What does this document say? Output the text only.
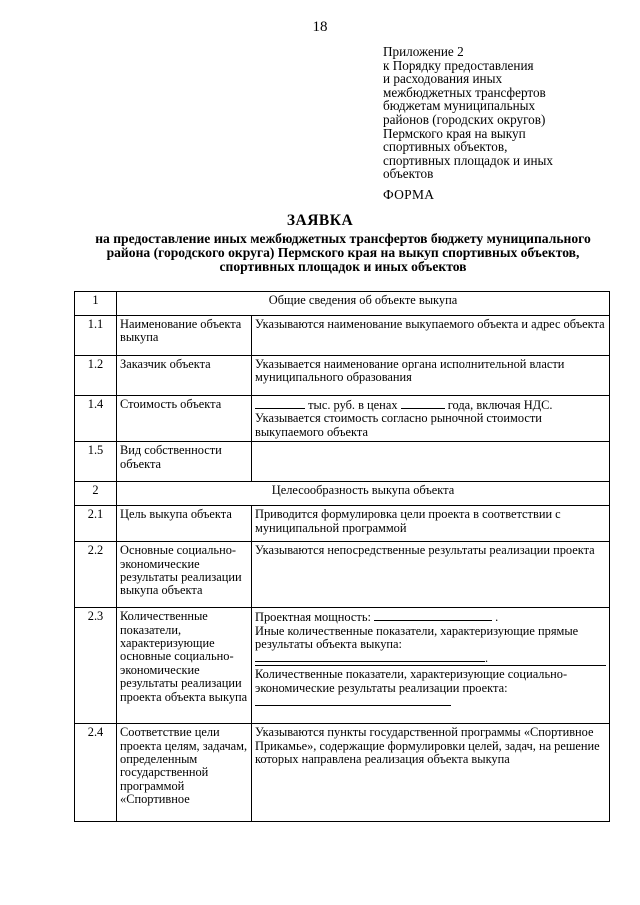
18
Приложение 2
к Порядку предоставления
и расходования иных
межбюджетных трансфертов
бюджетам муниципальных
районов (городских округов)
Пермского края на выкуп
спортивных объектов,
спортивных площадок и иных
объектов
ФОРМА
ЗАЯВКА
на предоставление иных межбюджетных трансфертов бюджету муниципального района (городского округа) Пермского края на выкуп спортивных объектов, спортивных площадок и иных объектов
1	Общие сведения об объекте выкупа	
1.1	Наименование объекта выкупа	Указываются наименование выкупаемого объекта и адрес объекта
1.2	Заказчик объекта	Указывается наименование органа исполнительной власти муниципального образования
1.4	Стоимость объекта	тыс. руб. в ценах года, включая НДС.
Указывается стоимость согласно рыночной стоимости выкупаемого объекта

1.5	Вид собственности объекта	
2	Целесообразность выкупа объекта	
2.1	Цель выкупа объекта	Приводится формулировка цели проекта в соответствии с муниципальной программой
2.2	Основные социально-экономические результаты реализации выкупа объекта	Указываются непосредственные результаты реализации проекта
2.3	Количественные показатели, характеризующие основные социально-экономические результаты реализации проекта объекта выкупа	Проектная мощность: .
Иные количественные показатели, характеризующие прямые результаты объекта выкупа:
.
Количественные показатели, характеризующие социально-экономические результаты реализации проекта:

2.4	Соответствие цели проекта целям, задачам, определенным государственной программой «Спортивное	Указываются пункты государственной программы «Спортивное Прикамье», содержащие формулировки целей, задач, на решение которых направлена реализация объекта выкупа
